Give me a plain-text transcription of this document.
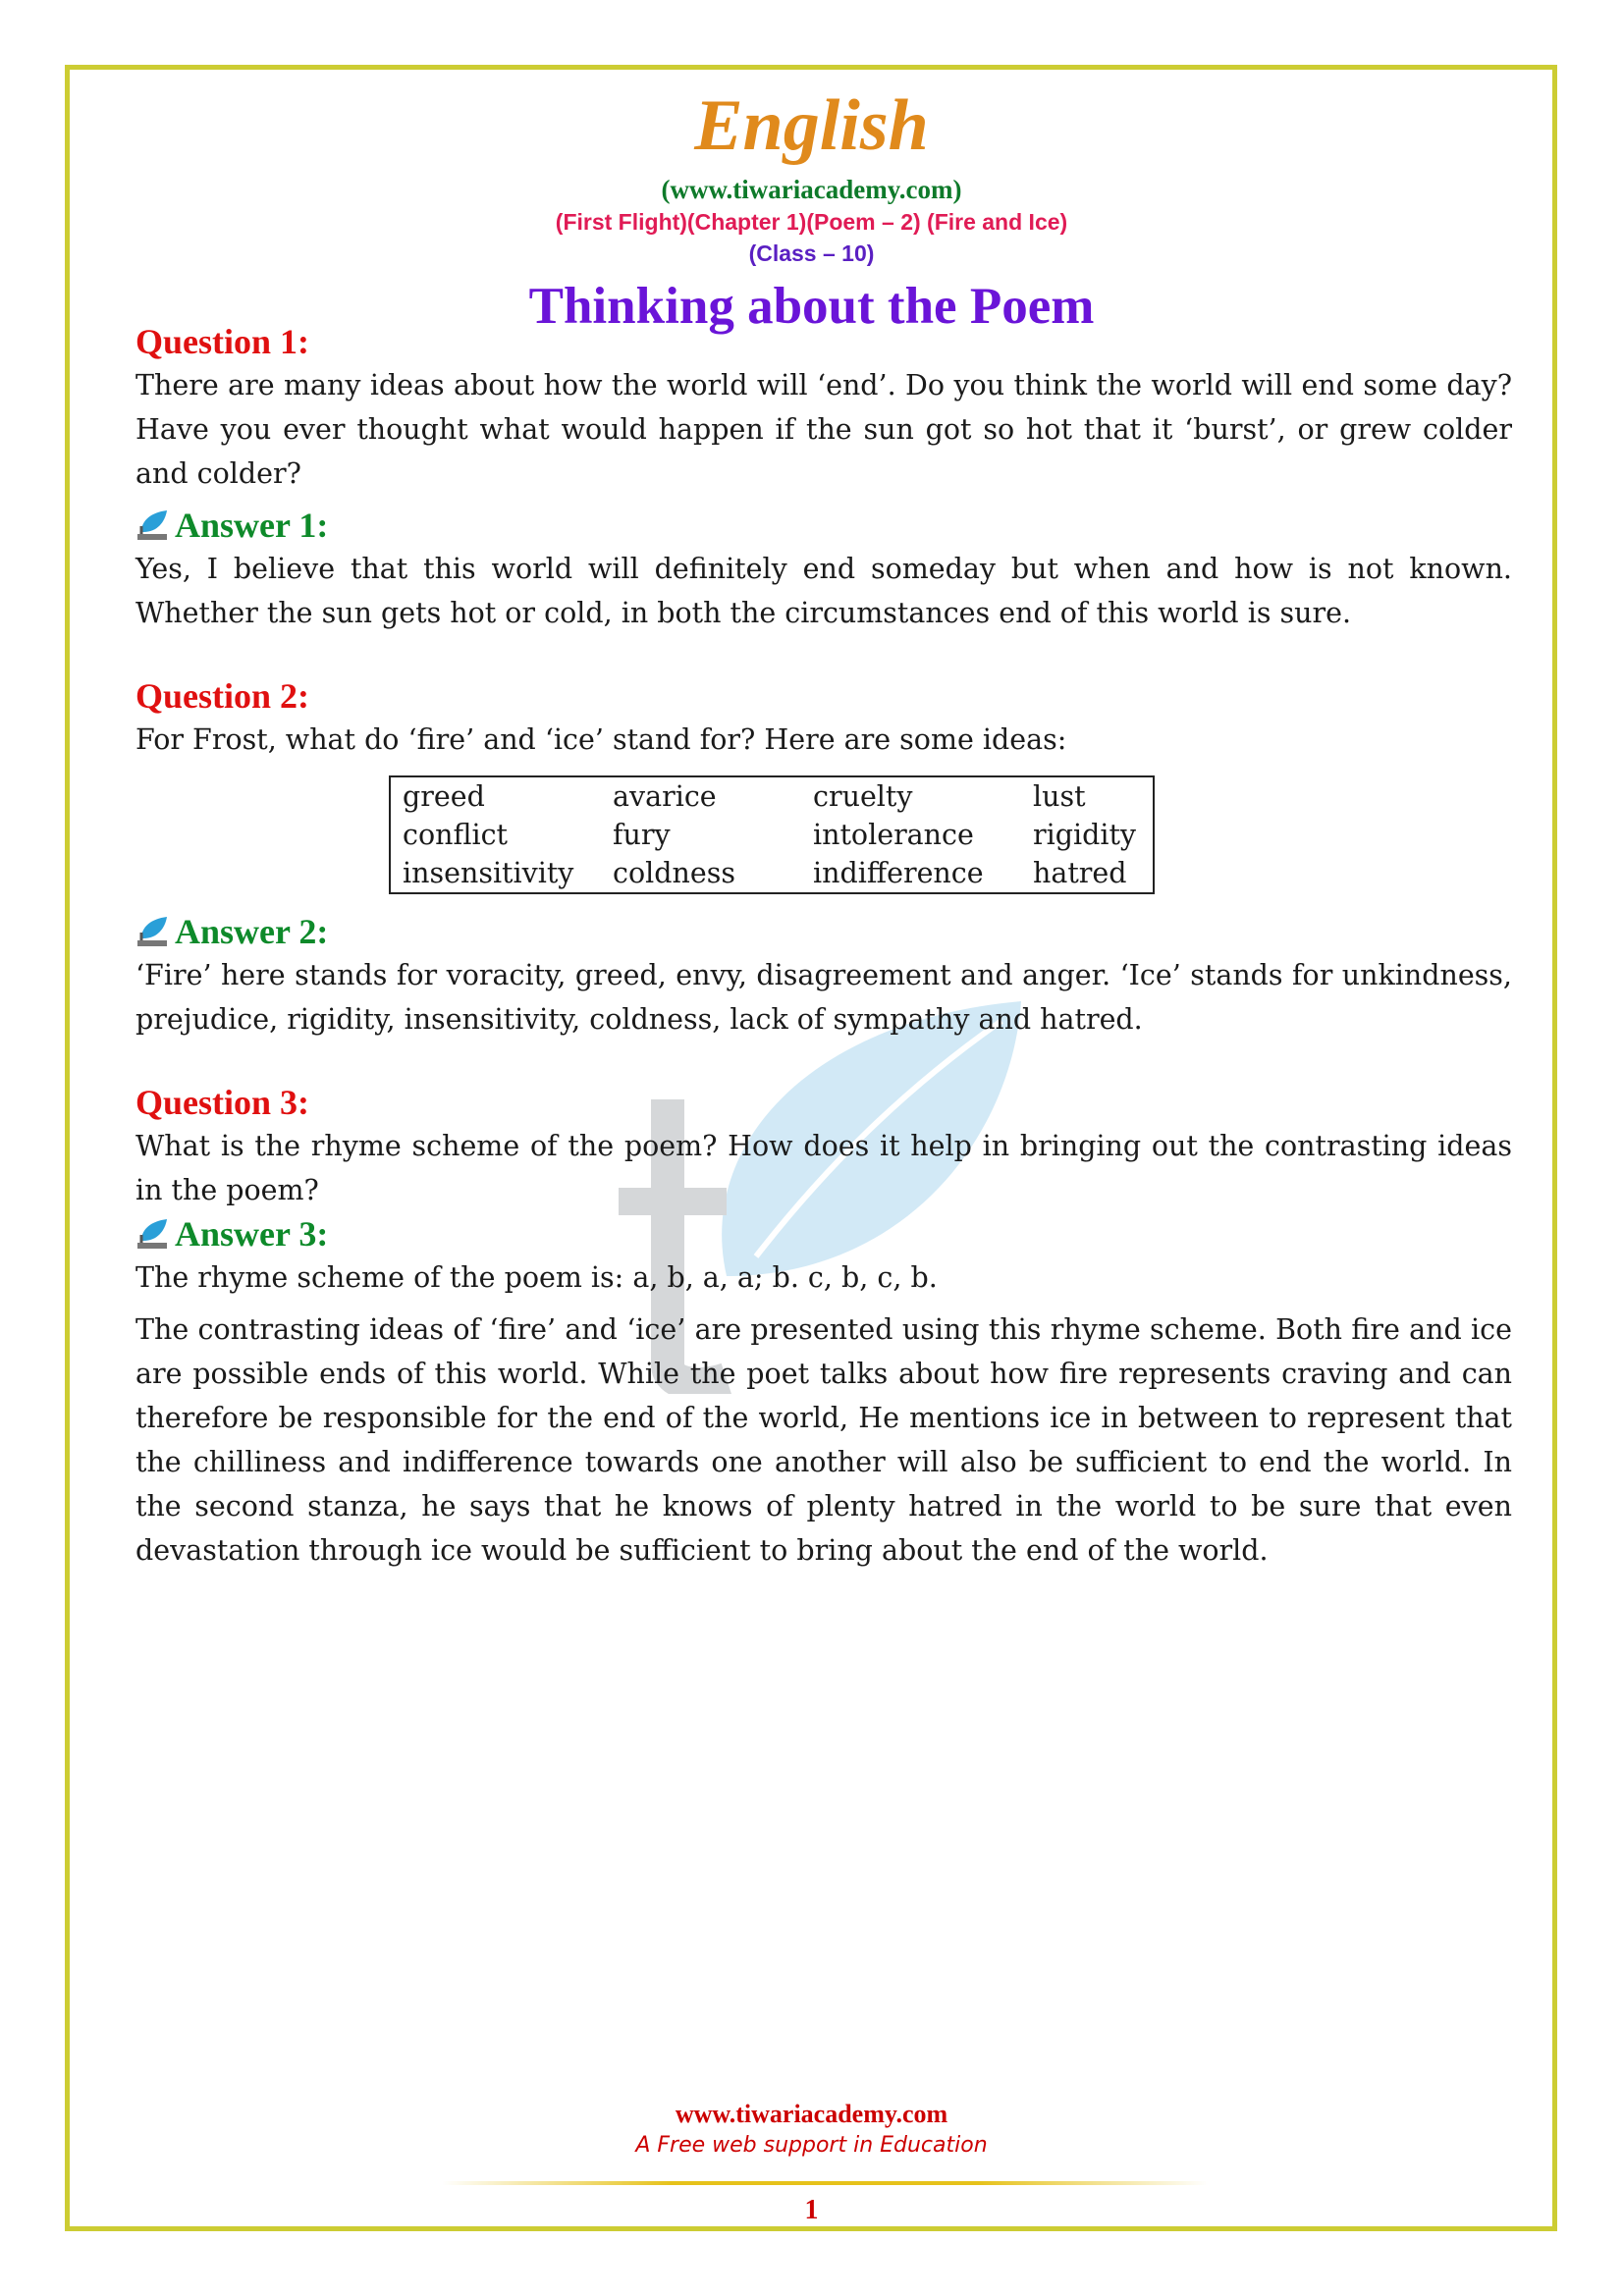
English
(www.tiwariacademy.com)
(First Flight)(Chapter 1)(Poem – 2) (Fire and Ice)
(Class – 10)
Thinking about the Poem
Question 1:

There are many ideas about how the world will ‘end’. Do you think the world will end some day? Have you ever thought what would happen if the sun got so hot that it ‘burst’, or grew colder and colder?

Answer 1:

Yes, I believe that this world will definitely end someday but when and how is not known. Whether the sun gets hot or cold, in both the circumstances end of this world is sure.

Question 2:

For Frost, what do ‘fire’ and ‘ice’ stand for? Here are some ideas:

greed	avarice	cruelty	lust
conflict	fury	intolerance	rigidity
insensitivity	coldness	indifference	hatred
Answer 2:

‘Fire’ here stands for voracity, greed, envy, disagreement and anger. ‘Ice’ stands for unkindness, prejudice, rigidity, insensitivity, coldness, lack of sympathy and hatred.

Question 3:

What is the rhyme scheme of the poem? How does it help in bringing out the contrasting ideas in the poem?

Answer 3:

The rhyme scheme of the poem is: a, b, a, a; b. c, b, c, b.

The contrasting ideas of ‘fire’ and ‘ice’ are presented using this rhyme scheme. Both fire and ice are possible ends of this world. While the poet talks about how fire represents craving and can therefore be responsible for the end of the world, He mentions ice in between to represent that the chilliness and indifference towards one another will also be sufficient to end the world. In the second stanza, he says that he knows of plenty hatred in the world to be sure that even devastation through ice would be sufficient to bring about the end of the world.

www.tiwariacademy.com
A Free web support in Education
1
